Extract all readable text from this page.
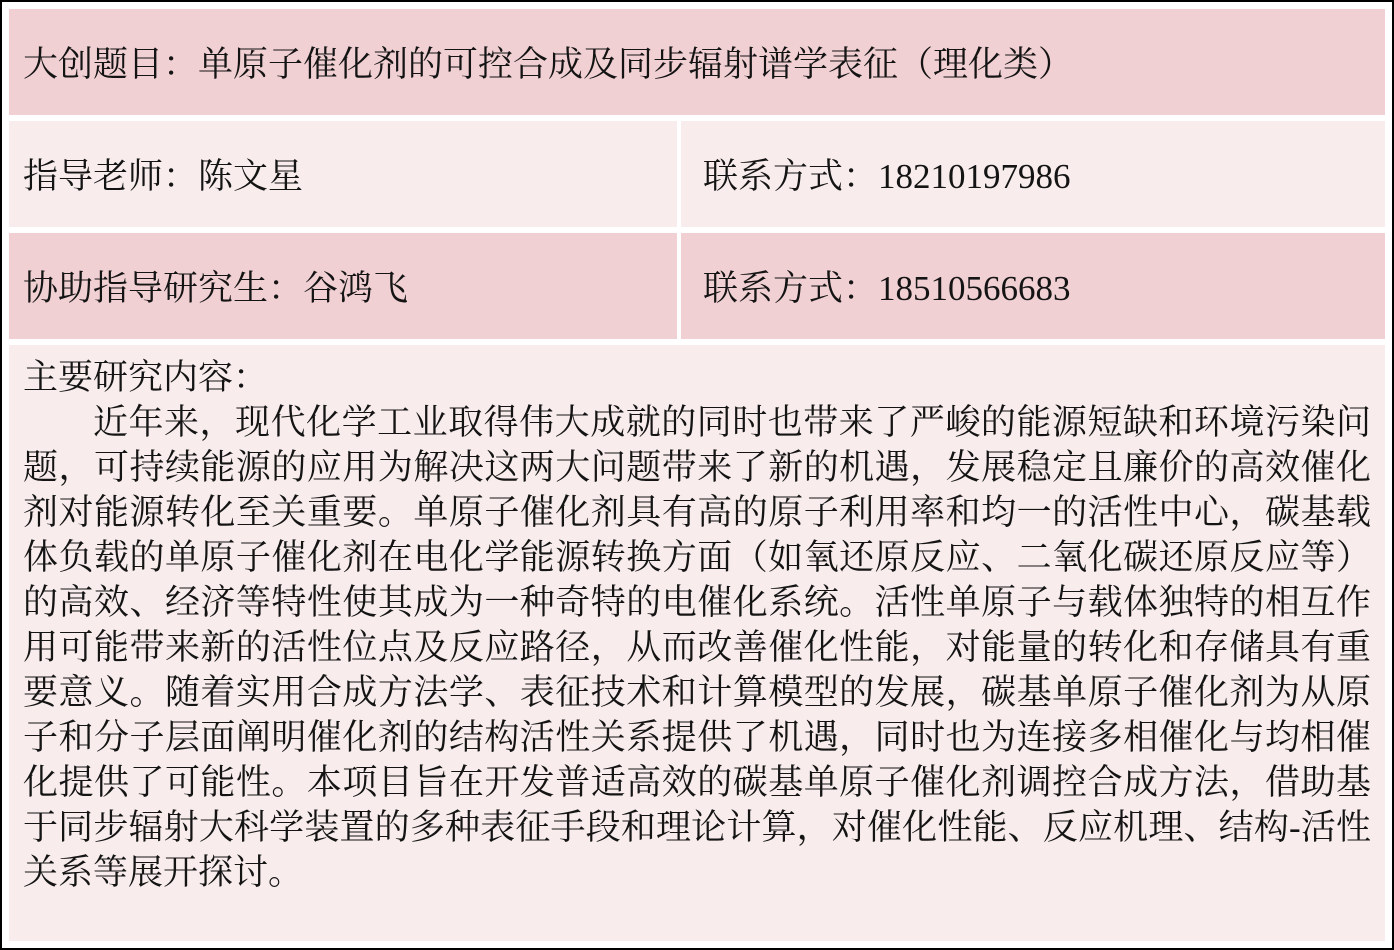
大创题目：单原子催化剂的可控合成及同步辐射谱学表征（理化类）
指导老师：陈文星	联系方式：18210197986
协助指导研究生：谷鸿飞	联系方式：18510566683

主要研究内容：

近年来，现代化学工业取得伟大成就的同时也带来了严峻的能源短缺和环境污染问题，可持续能源的应用为解决这两大问题带来了新的机遇，发展稳定且廉价的高效催化剂对能源转化至关重要。单原子催化剂具有高的原子利用率和均一的活性中心，碳基载体负载的单原子催化剂在电化学能源转换方面（如氧还原反应、二氧化碳还原反应等）的高效、经济等特性使其成为一种奇特的电催化系统。活性单原子与载体独特的相互作用可能带来新的活性位点及反应路径，从而改善催化性能，对能量的转化和存储具有重要意义。随着实用合成方法学、表征技术和计算模型的发展，碳基单原子催化剂为从原子和分子层面阐明催化剂的结构活性关系提供了机遇，同时也为连接多相催化与均相催化提供了可能性。本项目旨在开发普适高效的碳基单原子催化剂调控合成方法，借助基于同步辐射大科学装置的多种表征手段和理论计算，对催化性能、反应机理、结构-活性关系等展开探讨。
